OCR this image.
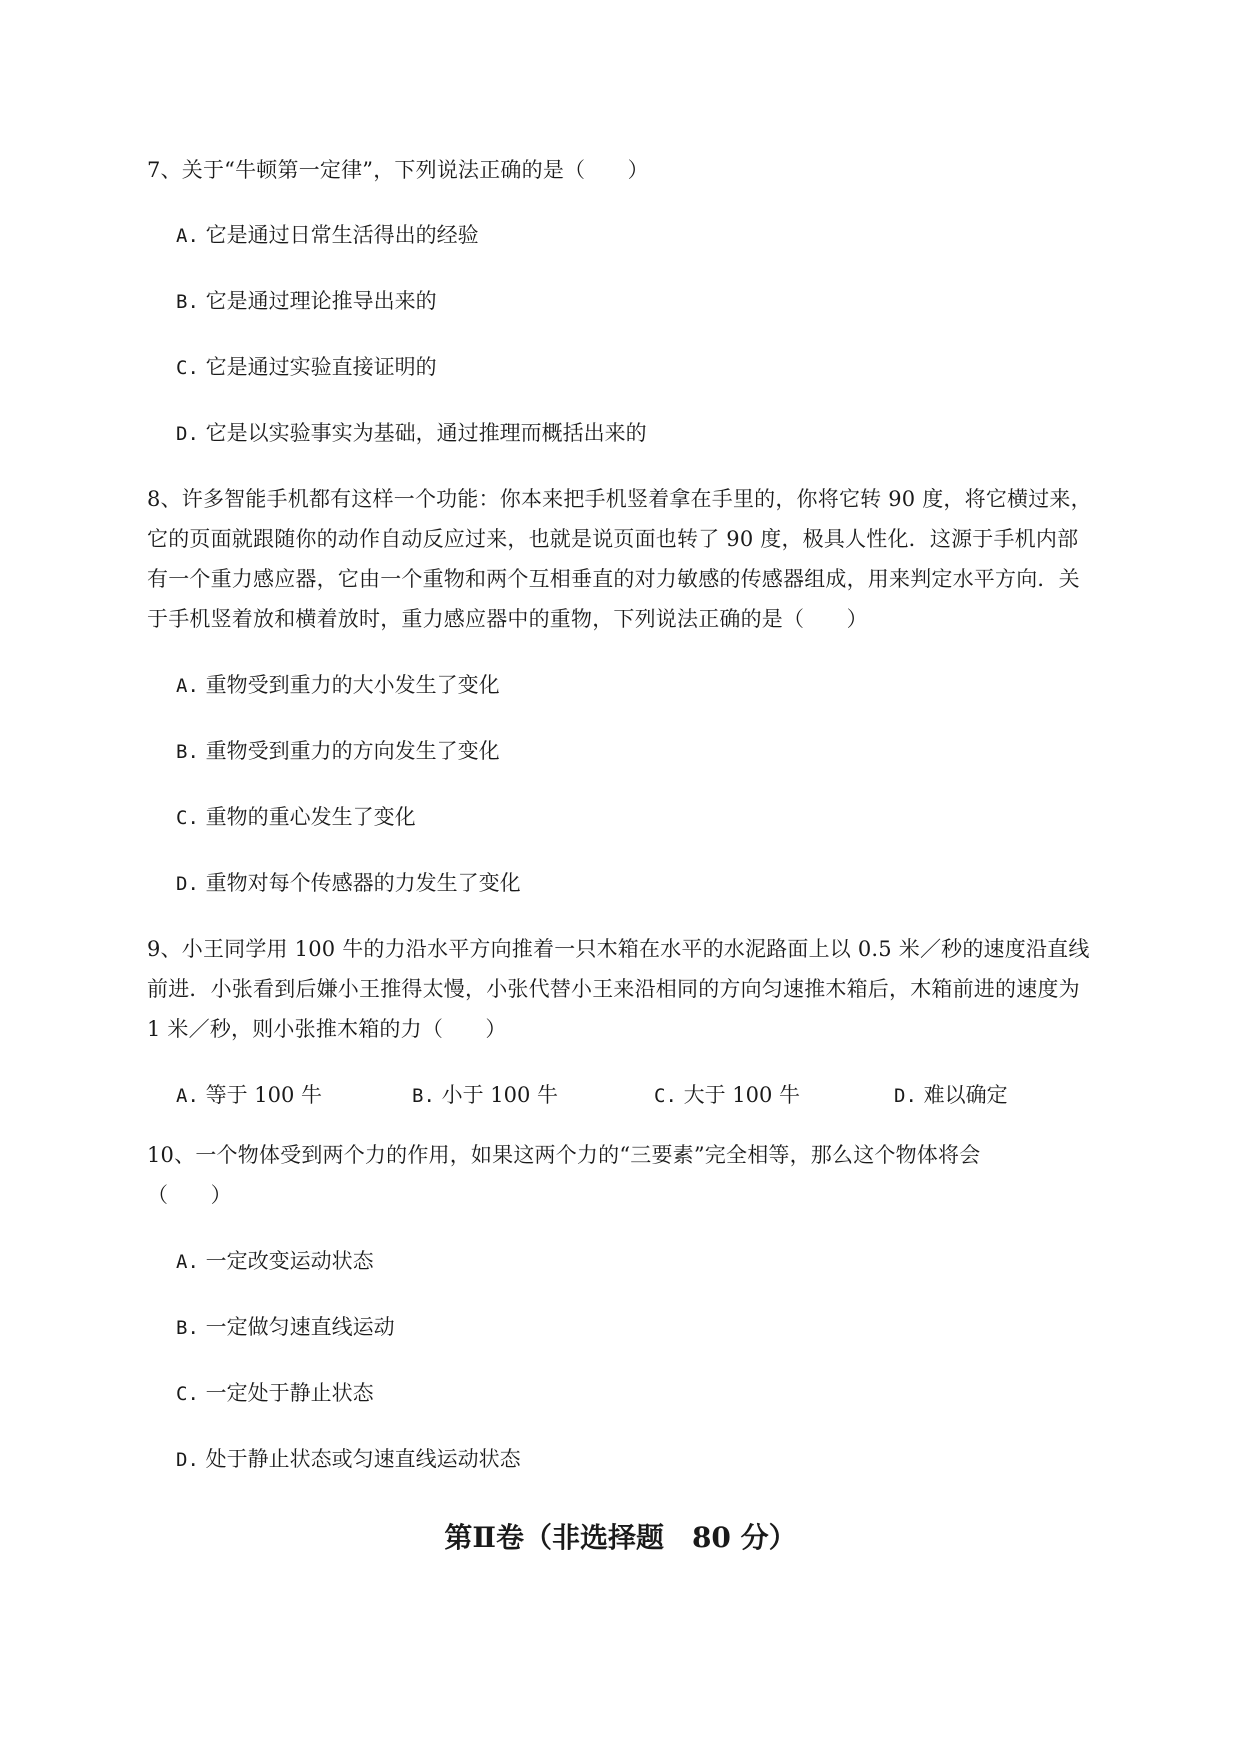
7、关于“牛顿第一定律”，下列说法正确的是（　　）
A. 它是通过日常生活得出的经验
B. 它是通过理论推导出来的
C. 它是通过实验直接证明的
D. 它是以实验事实为基础，通过推理而概括出来的
8、许多智能手机都有这样一个功能：你本来把手机竖着拿在手里的，你将它转 90 度，将它横过来，
它的页面就跟随你的动作自动反应过来，也就是说页面也转了 90 度，极具人性化．这源于手机内部
有一个重力感应器，它由一个重物和两个互相垂直的对力敏感的传感器组成，用来判定水平方向．关
于手机竖着放和横着放时，重力感应器中的重物，下列说法正确的是（　　）
A. 重物受到重力的大小发生了变化
B. 重物受到重力的方向发生了变化
C. 重物的重心发生了变化
D. 重物对每个传感器的力发生了变化
9、小王同学用 100 牛的力沿水平方向推着一只木箱在水平的水泥路面上以 0.5 米／秒的速度沿直线
前进．小张看到后嫌小王推得太慢，小张代替小王来沿相同的方向匀速推木箱后，木箱前进的速度为
1 米／秒，则小张推木箱的力（　　）
A. 等于 100 牛	B. 小于 100 牛	C. 大于 100 牛	D. 难以确定
10、一个物体受到两个力的作用，如果这两个力的“三要素”完全相等，那么这个物体将会
（　　）
A. 一定改变运动状态
B. 一定做匀速直线运动
C. 一定处于静止状态
D. 处于静止状态或匀速直线运动状态
第Ⅱ卷（非选择题　80 分）
